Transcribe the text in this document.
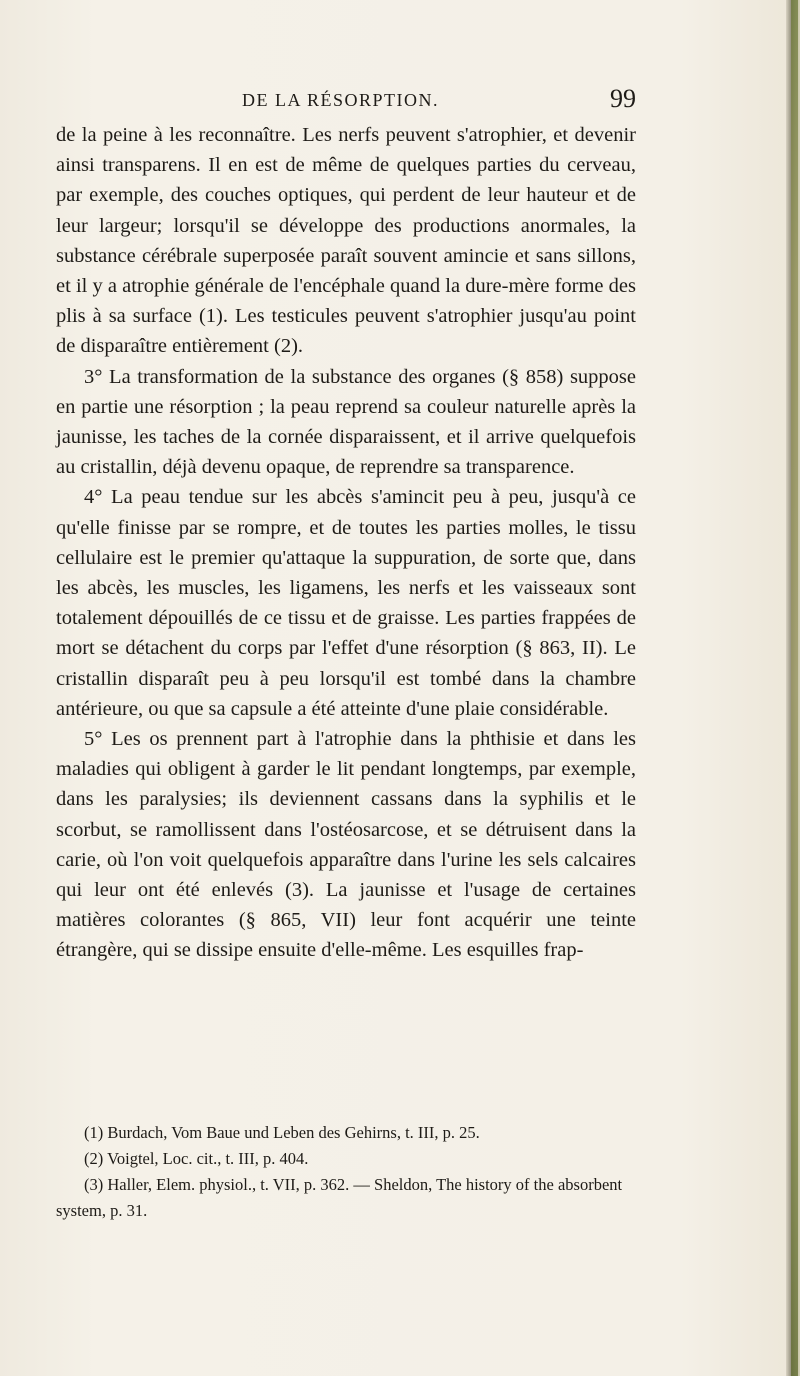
DE LA RÉSORPTION.	99

de la peine à les reconnaître. Les nerfs peuvent s'atrophier, et devenir ainsi transparens. Il en est de même de quelques parties du cerveau, par exemple, des couches optiques, qui perdent de leur hauteur et de leur largeur; lorsqu'il se développe des productions anormales, la substance cérébrale superposée paraît souvent amincie et sans sillons, et il y a atrophie générale de l'encéphale quand la dure-mère forme des plis à sa surface (1). Les testicules peuvent s'atrophier jusqu'au point de disparaître entièrement (2).

3° La transformation de la substance des organes (§ 858) suppose en partie une résorption ; la peau reprend sa couleur naturelle après la jaunisse, les taches de la cornée disparaissent, et il arrive quelquefois au cristallin, déjà devenu opaque, de reprendre sa transparence.

4° La peau tendue sur les abcès s'amincit peu à peu, jusqu'à ce qu'elle finisse par se rompre, et de toutes les parties molles, le tissu cellulaire est le premier qu'attaque la suppuration, de sorte que, dans les abcès, les muscles, les ligamens, les nerfs et les vaisseaux sont totalement dépouillés de ce tissu et de graisse. Les parties frappées de mort se détachent du corps par l'effet d'une résorption (§ 863, II). Le cristallin disparaît peu à peu lorsqu'il est tombé dans la chambre antérieure, ou que sa capsule a été atteinte d'une plaie considérable.

5° Les os prennent part à l'atrophie dans la phthisie et dans les maladies qui obligent à garder le lit pendant longtemps, par exemple, dans les paralysies; ils deviennent cassans dans la syphilis et le scorbut, se ramollissent dans l'ostéosarcose, et se détruisent dans la carie, où l'on voit quelquefois apparaître dans l'urine les sels calcaires qui leur ont été enlevés (3). La jaunisse et l'usage de certaines matières colorantes (§ 865, VII) leur font acquérir une teinte étrangère, qui se dissipe ensuite d'elle-même. Les esquilles frap-

(1) Burdach, Vom Baue und Leben des Gehirns, t. III, p. 25.

(2) Voigtel, Loc. cit., t. III, p. 404.

(3) Haller, Elem. physiol., t. VII, p. 362. — Sheldon, The history of the absorbent system, p. 31.
